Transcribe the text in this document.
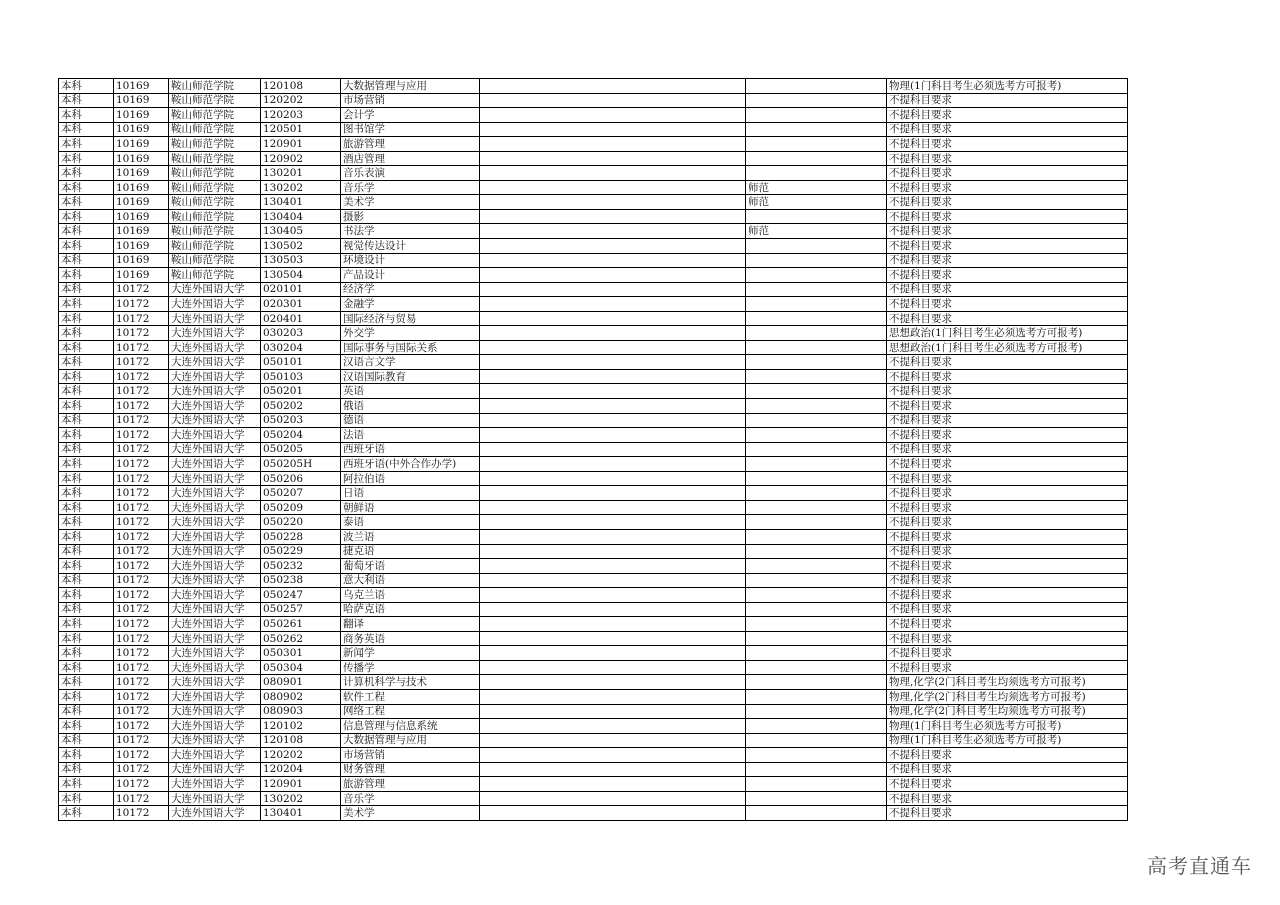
本科	10169	鞍山师范学院	120108	大数据管理与应用			物理(1门科目考生必须选考方可报考)
本科	10169	鞍山师范学院	120202	市场营销			不提科目要求
本科	10169	鞍山师范学院	120203	会计学			不提科目要求
本科	10169	鞍山师范学院	120501	图书馆学			不提科目要求
本科	10169	鞍山师范学院	120901	旅游管理			不提科目要求
本科	10169	鞍山师范学院	120902	酒店管理			不提科目要求
本科	10169	鞍山师范学院	130201	音乐表演			不提科目要求
本科	10169	鞍山师范学院	130202	音乐学		师范	不提科目要求
本科	10169	鞍山师范学院	130401	美术学		师范	不提科目要求
本科	10169	鞍山师范学院	130404	摄影			不提科目要求
本科	10169	鞍山师范学院	130405	书法学		师范	不提科目要求
本科	10169	鞍山师范学院	130502	视觉传达设计			不提科目要求
本科	10169	鞍山师范学院	130503	环境设计			不提科目要求
本科	10169	鞍山师范学院	130504	产品设计			不提科目要求
本科	10172	大连外国语大学	020101	经济学			不提科目要求
本科	10172	大连外国语大学	020301	金融学			不提科目要求
本科	10172	大连外国语大学	020401	国际经济与贸易			不提科目要求
本科	10172	大连外国语大学	030203	外交学			思想政治(1门科目考生必须选考方可报考)
本科	10172	大连外国语大学	030204	国际事务与国际关系			思想政治(1门科目考生必须选考方可报考)
本科	10172	大连外国语大学	050101	汉语言文学			不提科目要求
本科	10172	大连外国语大学	050103	汉语国际教育			不提科目要求
本科	10172	大连外国语大学	050201	英语			不提科目要求
本科	10172	大连外国语大学	050202	俄语			不提科目要求
本科	10172	大连外国语大学	050203	德语			不提科目要求
本科	10172	大连外国语大学	050204	法语			不提科目要求
本科	10172	大连外国语大学	050205	西班牙语			不提科目要求
本科	10172	大连外国语大学	050205H	西班牙语(中外合作办学)			不提科目要求
本科	10172	大连外国语大学	050206	阿拉伯语			不提科目要求
本科	10172	大连外国语大学	050207	日语			不提科目要求
本科	10172	大连外国语大学	050209	朝鲜语			不提科目要求
本科	10172	大连外国语大学	050220	泰语			不提科目要求
本科	10172	大连外国语大学	050228	波兰语			不提科目要求
本科	10172	大连外国语大学	050229	捷克语			不提科目要求
本科	10172	大连外国语大学	050232	葡萄牙语			不提科目要求
本科	10172	大连外国语大学	050238	意大利语			不提科目要求
本科	10172	大连外国语大学	050247	乌克兰语			不提科目要求
本科	10172	大连外国语大学	050257	哈萨克语			不提科目要求
本科	10172	大连外国语大学	050261	翻译			不提科目要求
本科	10172	大连外国语大学	050262	商务英语			不提科目要求
本科	10172	大连外国语大学	050301	新闻学			不提科目要求
本科	10172	大连外国语大学	050304	传播学			不提科目要求
本科	10172	大连外国语大学	080901	计算机科学与技术			物理,化学(2门科目考生均须选考方可报考)
本科	10172	大连外国语大学	080902	软件工程			物理,化学(2门科目考生均须选考方可报考)
本科	10172	大连外国语大学	080903	网络工程			物理,化学(2门科目考生均须选考方可报考)
本科	10172	大连外国语大学	120102	信息管理与信息系统			物理(1门科目考生必须选考方可报考)
本科	10172	大连外国语大学	120108	大数据管理与应用			物理(1门科目考生必须选考方可报考)
本科	10172	大连外国语大学	120202	市场营销			不提科目要求
本科	10172	大连外国语大学	120204	财务管理			不提科目要求
本科	10172	大连外国语大学	120901	旅游管理			不提科目要求
本科	10172	大连外国语大学	130202	音乐学			不提科目要求
本科	10172	大连外国语大学	130401	美术学			不提科目要求
高考直通车
